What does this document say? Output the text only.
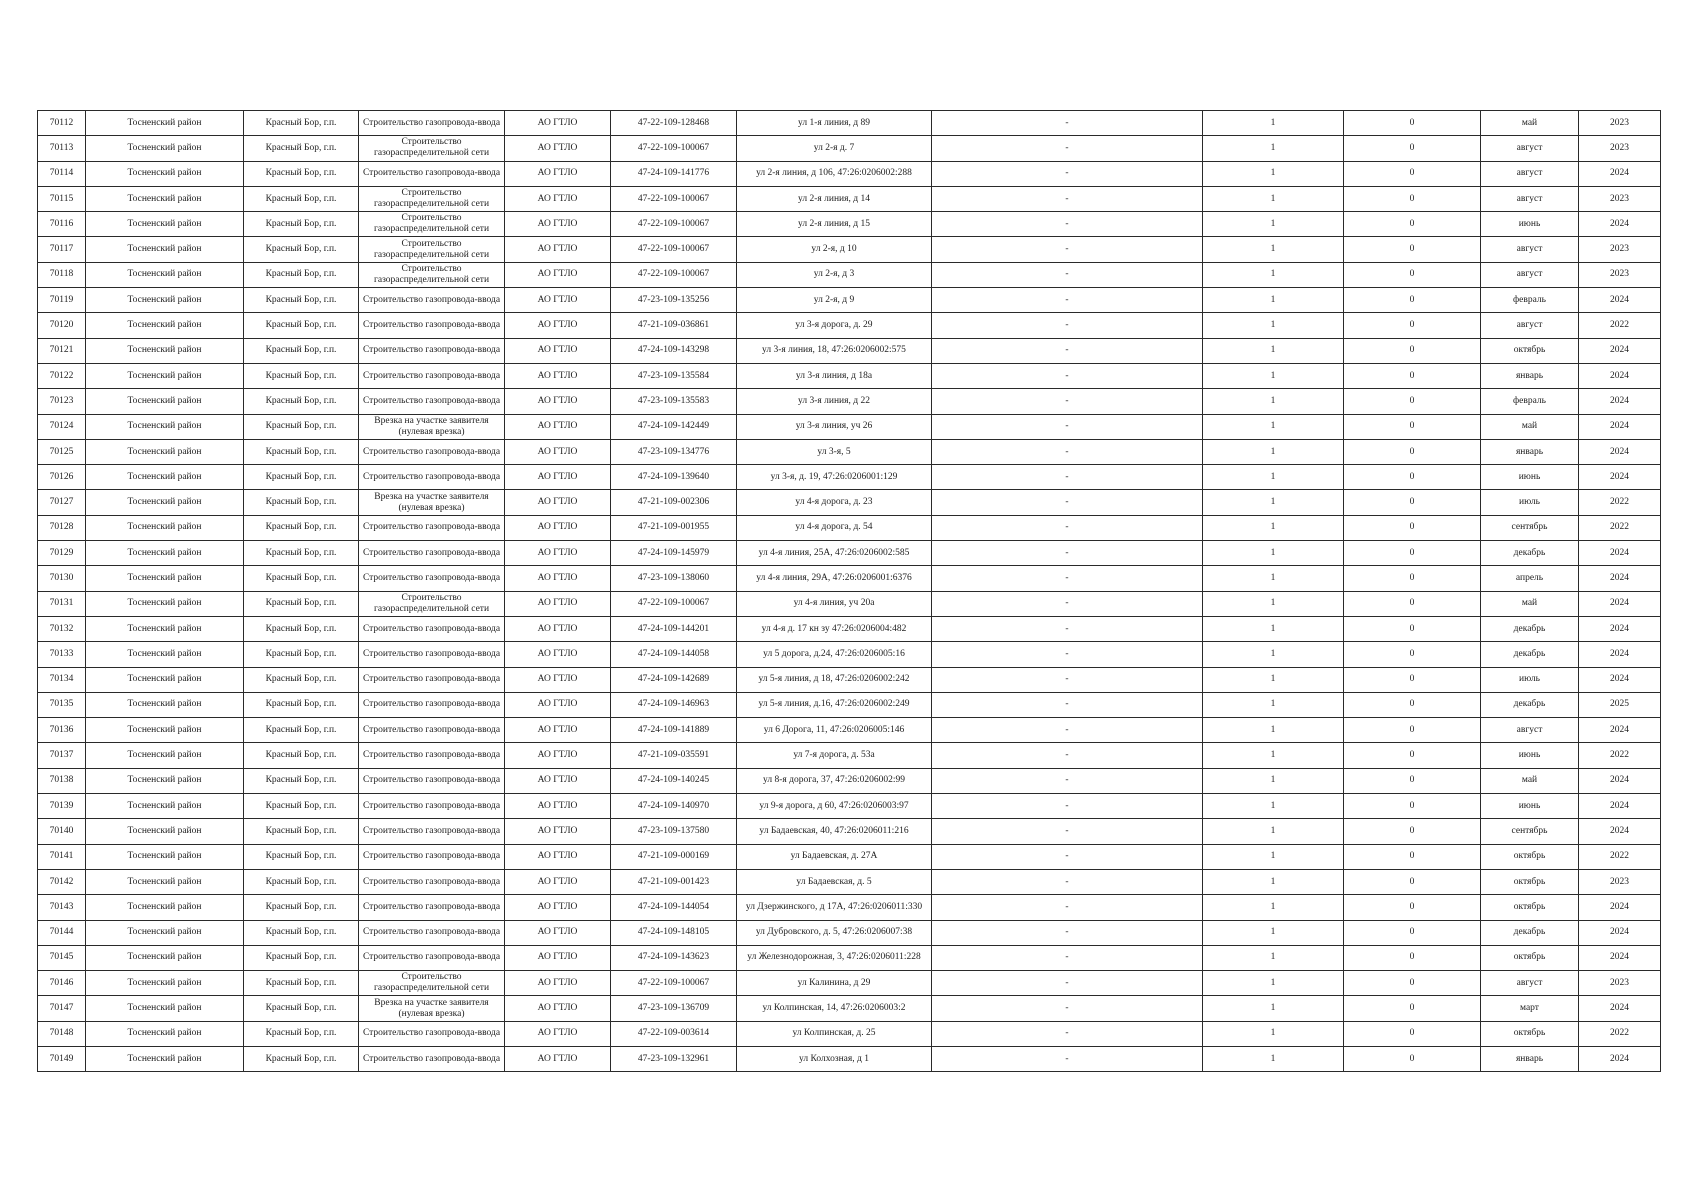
70112	Тосненский район	Красный Бор, г.п.	Строительство газопровода-ввода	АО ГТЛО	47-22-109-128468	ул 1-я линия, д 89	-	1	0	май	2023
70113	Тосненский район	Красный Бор, г.п.	Строительство газораспределительной сети	АО ГТЛО	47-22-109-100067	ул 2-я д. 7	-	1	0	август	2023
70114	Тосненский район	Красный Бор, г.п.	Строительство газопровода-ввода	АО ГТЛО	47-24-109-141776	ул 2-я линия, д 106, 47:26:0206002:288	-	1	0	август	2024
70115	Тосненский район	Красный Бор, г.п.	Строительство газораспределительной сети	АО ГТЛО	47-22-109-100067	ул 2-я линия, д 14	-	1	0	август	2023
70116	Тосненский район	Красный Бор, г.п.	Строительство газораспределительной сети	АО ГТЛО	47-22-109-100067	ул 2-я линия, д 15	-	1	0	июнь	2024
70117	Тосненский район	Красный Бор, г.п.	Строительство газораспределительной сети	АО ГТЛО	47-22-109-100067	ул 2-я, д 10	-	1	0	август	2023
70118	Тосненский район	Красный Бор, г.п.	Строительство газораспределительной сети	АО ГТЛО	47-22-109-100067	ул 2-я, д 3	-	1	0	август	2023
70119	Тосненский район	Красный Бор, г.п.	Строительство газопровода-ввода	АО ГТЛО	47-23-109-135256	ул 2-я, д 9	-	1	0	февраль	2024
70120	Тосненский район	Красный Бор, г.п.	Строительство газопровода-ввода	АО ГТЛО	47-21-109-036861	ул 3-я дорога, д. 29	-	1	0	август	2022
70121	Тосненский район	Красный Бор, г.п.	Строительство газопровода-ввода	АО ГТЛО	47-24-109-143298	ул 3-я линия, 18, 47:26:0206002:575	-	1	0	октябрь	2024
70122	Тосненский район	Красный Бор, г.п.	Строительство газопровода-ввода	АО ГТЛО	47-23-109-135584	ул 3-я линия, д 18а	-	1	0	январь	2024
70123	Тосненский район	Красный Бор, г.п.	Строительство газопровода-ввода	АО ГТЛО	47-23-109-135583	ул 3-я линия, д 22	-	1	0	февраль	2024
70124	Тосненский район	Красный Бор, г.п.	Врезка на участке заявителя (нулевая врезка)	АО ГТЛО	47-24-109-142449	ул 3-я линия, уч 26	-	1	0	май	2024
70125	Тосненский район	Красный Бор, г.п.	Строительство газопровода-ввода	АО ГТЛО	47-23-109-134776	ул 3-я, 5	-	1	0	январь	2024
70126	Тосненский район	Красный Бор, г.п.	Строительство газопровода-ввода	АО ГТЛО	47-24-109-139640	ул 3-я, д. 19, 47:26:0206001:129	-	1	0	июнь	2024
70127	Тосненский район	Красный Бор, г.п.	Врезка на участке заявителя (нулевая врезка)	АО ГТЛО	47-21-109-002306	ул 4-я дорога, д. 23	-	1	0	июль	2022
70128	Тосненский район	Красный Бор, г.п.	Строительство газопровода-ввода	АО ГТЛО	47-21-109-001955	ул 4-я дорога, д. 54	-	1	0	сентябрь	2022
70129	Тосненский район	Красный Бор, г.п.	Строительство газопровода-ввода	АО ГТЛО	47-24-109-145979	ул 4-я линия, 25А, 47:26:0206002:585	-	1	0	декабрь	2024
70130	Тосненский район	Красный Бор, г.п.	Строительство газопровода-ввода	АО ГТЛО	47-23-109-138060	ул 4-я линия, 29А, 47:26:0206001:6376	-	1	0	апрель	2024
70131	Тосненский район	Красный Бор, г.п.	Строительство газораспределительной сети	АО ГТЛО	47-22-109-100067	ул 4-я линия, уч 20а	-	1	0	май	2024
70132	Тосненский район	Красный Бор, г.п.	Строительство газопровода-ввода	АО ГТЛО	47-24-109-144201	ул 4-я д. 17 кн зу 47:26:0206004:482	-	1	0	декабрь	2024
70133	Тосненский район	Красный Бор, г.п.	Строительство газопровода-ввода	АО ГТЛО	47-24-109-144058	ул 5 дорога, д.24, 47:26:0206005:16	-	1	0	декабрь	2024
70134	Тосненский район	Красный Бор, г.п.	Строительство газопровода-ввода	АО ГТЛО	47-24-109-142689	ул 5-я линия, д 18, 47:26:0206002:242	-	1	0	июль	2024
70135	Тосненский район	Красный Бор, г.п.	Строительство газопровода-ввода	АО ГТЛО	47-24-109-146963	ул 5-я линия, д.16, 47:26:0206002:249	-	1	0	декабрь	2025
70136	Тосненский район	Красный Бор, г.п.	Строительство газопровода-ввода	АО ГТЛО	47-24-109-141889	ул 6 Дорога, 11, 47:26:0206005:146	-	1	0	август	2024
70137	Тосненский район	Красный Бор, г.п.	Строительство газопровода-ввода	АО ГТЛО	47-21-109-035591	ул 7-я дорога, д. 53а	-	1	0	июнь	2022
70138	Тосненский район	Красный Бор, г.п.	Строительство газопровода-ввода	АО ГТЛО	47-24-109-140245	ул 8-я дорога, 37, 47:26:0206002:99	-	1	0	май	2024
70139	Тосненский район	Красный Бор, г.п.	Строительство газопровода-ввода	АО ГТЛО	47-24-109-140970	ул 9-я дорога, д 60, 47:26:0206003:97	-	1	0	июнь	2024
70140	Тосненский район	Красный Бор, г.п.	Строительство газопровода-ввода	АО ГТЛО	47-23-109-137580	ул Бадаевская, 40, 47:26:0206011:216	-	1	0	сентябрь	2024
70141	Тосненский район	Красный Бор, г.п.	Строительство газопровода-ввода	АО ГТЛО	47-21-109-000169	ул Бадаевская, д. 27А	-	1	0	октябрь	2022
70142	Тосненский район	Красный Бор, г.п.	Строительство газопровода-ввода	АО ГТЛО	47-21-109-001423	ул Бадаевская, д. 5	-	1	0	октябрь	2023
70143	Тосненский район	Красный Бор, г.п.	Строительство газопровода-ввода	АО ГТЛО	47-24-109-144054	ул Дзержинского, д 17А, 47:26:0206011:330	-	1	0	октябрь	2024
70144	Тосненский район	Красный Бор, г.п.	Строительство газопровода-ввода	АО ГТЛО	47-24-109-148105	ул Дубровского, д. 5, 47:26:0206007:38	-	1	0	декабрь	2024
70145	Тосненский район	Красный Бор, г.п.	Строительство газопровода-ввода	АО ГТЛО	47-24-109-143623	ул Железнодорожная, 3, 47:26:0206011:228	-	1	0	октябрь	2024
70146	Тосненский район	Красный Бор, г.п.	Строительство газораспределительной сети	АО ГТЛО	47-22-109-100067	ул Калинина, д 29	-	1	0	август	2023
70147	Тосненский район	Красный Бор, г.п.	Врезка на участке заявителя (нулевая врезка)	АО ГТЛО	47-23-109-136709	ул Колпинская, 14, 47:26:0206003:2	-	1	0	март	2024
70148	Тосненский район	Красный Бор, г.п.	Строительство газопровода-ввода	АО ГТЛО	47-22-109-003614	ул Колпинская, д. 25	-	1	0	октябрь	2022
70149	Тосненский район	Красный Бор, г.п.	Строительство газопровода-ввода	АО ГТЛО	47-23-109-132961	ул Колхозная, д 1	-	1	0	январь	2024
